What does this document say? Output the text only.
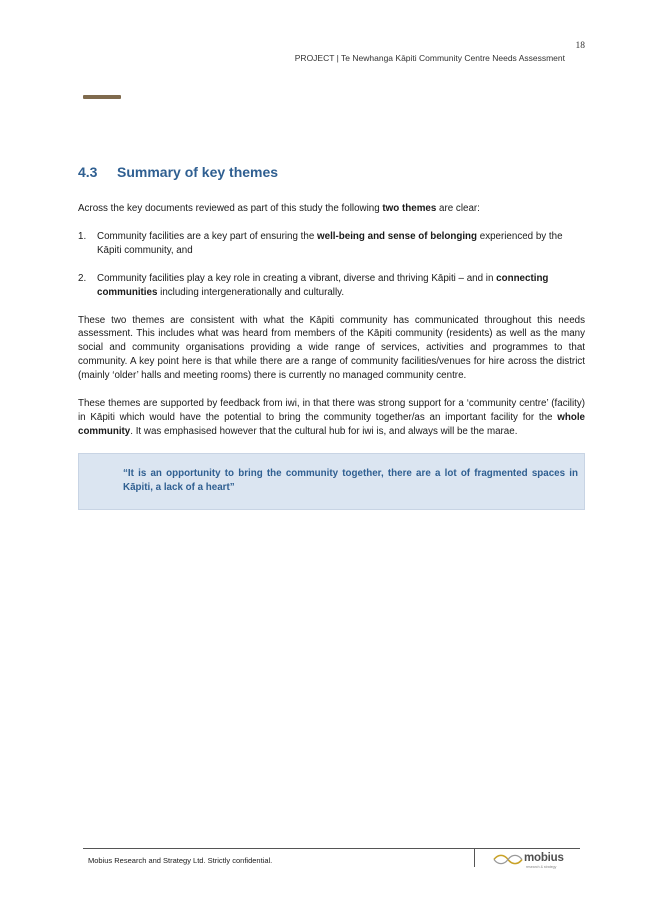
18
PROJECT | Te Newhanga Kāpiti Community Centre Needs Assessment
4.3 Summary of key themes

Across the key documents reviewed as part of this study the following two themes are clear:

1.	Community facilities are a key part of ensuring the well-being and sense of belonging experienced by the Kāpiti community, and
2.	Community facilities play a key role in creating a vibrant, diverse and thriving Kāpiti – and in connecting communities including intergenerationally and culturally.

These two themes are consistent with what the Kāpiti community has communicated throughout this needs assessment. This includes what was heard from members of the Kāpiti community (residents) as well as the many social and community organisations providing a wide range of services, activities and programmes to that community. A key point here is that while there are a range of community facilities/venues for hire across the district (mainly ‘older’ halls and meeting rooms) there is currently no managed community centre.

These themes are supported by feedback from iwi, in that there was strong support for a ‘community centre’ (facility) in Kāpiti which would have the potential to bring the community together/as an important facility for the whole community. It was emphasised however that the cultural hub for iwi is, and always will be the marae.

“It is an opportunity to bring the community together, there are a lot of fragmented spaces in Kāpiti, a lack of a heart”
Mobius Research and Strategy Ltd. Strictly confidential.	mobius
research & strategy
